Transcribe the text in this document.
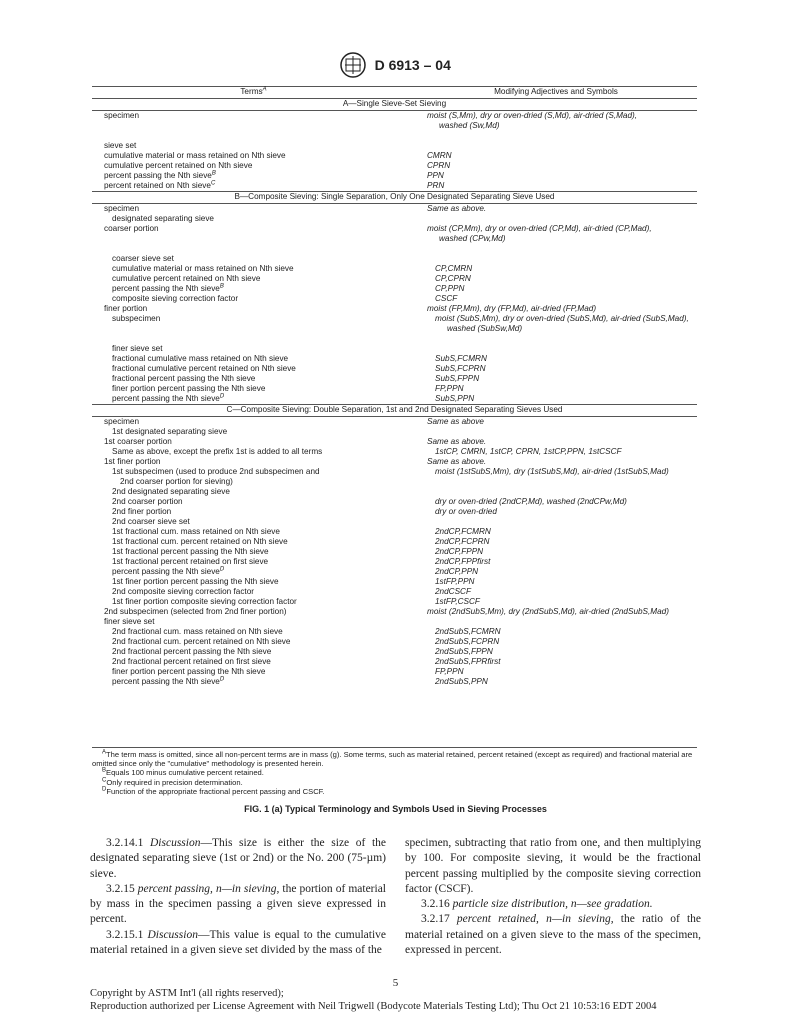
D 6913 – 04
Terms$^A$	Modifying Adjectives and Symbols
A—Single Sieve-Set Sieving
specimen	moist (S,Mm), dry or oven-dried (S,Md), air-dried (S,Mad),
washed (Sw,Md)
sieve set
cumulative material or mass retained on Nth sieve	CMRN
cumulative percent retained on Nth sieve	CPRN
percent passing the Nth sieve$^B$	PPN
percent retained on Nth sieve$^C$	PRN
B—Composite Sieving: Single Separation, Only One Designated Separating Sieve Used
specimen	Same as above.
designated separating sieve
coarser portion	moist (CP,Mm), dry or oven-dried (CP,Md), air-dried (CP,Mad),
washed (CPw,Md)
coarser sieve set
cumulative material or mass retained on Nth sieve	CP,CMRN
cumulative percent retained on Nth sieve	CP,CPRN
percent passing the Nth sieve$^B$	CP,PPN
composite sieving correction factor	CSCF
finer portion	moist (FP,Mm), dry (FP,Md), air-dried (FP,Mad)
subspecimen	moist (SubS,Mm), dry or oven-dried (SubS,Md), air-dried (SubS,Mad),
washed (SubSw,Md)
finer sieve set
fractional cumulative mass retained on Nth sieve	SubS,FCMRN
fractional cumulative percent retained on Nth sieve	SubS,FCPRN
fractional percent passing the Nth sieve	SubS,FPPN
finer portion percent passing the Nth sieve	FP,PPN
percent passing the Nth sieve$^D$	SubS,PPN
C—Composite Sieving: Double Separation, 1st and 2nd Designated Separating Sieves Used
specimen	Same as above
1st designated separating sieve
1st coarser portion	Same as above.
Same as above, except the prefix 1st is added to all terms	1stCP, CMRN, 1stCP, CPRN, 1stCP,PPN, 1stCSCF
1st finer portion	Same as above.
1st subspecimen (used to produce 2nd subspecimen and	moist (1stSubS,Mm), dry (1stSubS,Md), air-dried (1stSubS,Mad)
2nd coarser portion for sieving)
2nd designated separating sieve
2nd coarser portion	dry or oven-dried (2ndCP,Md), washed (2ndCPw,Md)
2nd finer portion	dry or oven-dried
2nd coarser sieve set
1st fractional cum. mass retained on Nth sieve	2ndCP,FCMRN
1st fractional cum. percent retained on Nth sieve	2ndCP,FCPRN
1st fractional percent passing the Nth sieve	2ndCP,FPPN
1st fractional percent retained on first sieve	2ndCP,FPPfirst
percent passing the Nth sieve$^D$	2ndCP,PPN
1st finer portion percent passing the Nth sieve	1stFP,PPN
2nd composite sieving correction factor	2ndCSCF
1st finer portion composite sieving correction factor	1stFP,CSCF
2nd subspecimen (selected from 2nd finer portion)	moist (2ndSubS,Mm), dry (2ndSubS,Md), air-dried (2ndSubS,Mad)
finer sieve set
2nd fractional cum. mass retained on Nth sieve	2ndSubS,FCMRN
2nd fractional cum. percent retained on Nth sieve	2ndSubS,FCPRN
2nd fractional percent passing the Nth sieve	2ndSubS,FPPN
2nd fractional percent retained on first sieve	2ndSubS,FPRfirst
finer portion percent passing the Nth sieve	FP,PPN
percent passing the Nth sieve$^D$	2ndSubS,PPN

$^A$The term mass is omitted, since all non-percent terms are in mass (g). Some terms, such as material retained, percent retained (except as required) and fractional material are omitted since only the "cumulative" methodology is presented herein.

$^B$Equals 100 minus cumulative percent retained.

$^C$Only required in precision determination.

$^D$Function of the appropriate fractional percent passing and CSCF.

FIG. 1 (a) Typical Terminology and Symbols Used in Sieving Processes

3.2.14.1 Discussion—This size is either the size of the designated separating sieve (1st or 2nd) or the No. 200 (75-µm) sieve.

3.2.15 percent passing, n—in sieving, the portion of material by mass in the specimen passing a given sieve expressed in percent.

3.2.15.1 Discussion—This value is equal to the cumulative material retained in a given sieve set divided by the mass of the

specimen, subtracting that ratio from one, and then multiplying by 100. For composite sieving, it would be the fractional percent passing multiplied by the composite sieving correction factor (CSCF).

3.2.16 particle size distribution, n—see gradation.

3.2.17 percent retained, n—in sieving, the ratio of the material retained on a given sieve to the mass of the specimen, expressed in percent.

5
Copyright by ASTM Int'l (all rights reserved);
Reproduction authorized per License Agreement with Neil Trigwell (Bodycote Materials Testing Ltd); Thu Oct 21 10:53:16 EDT 2004
